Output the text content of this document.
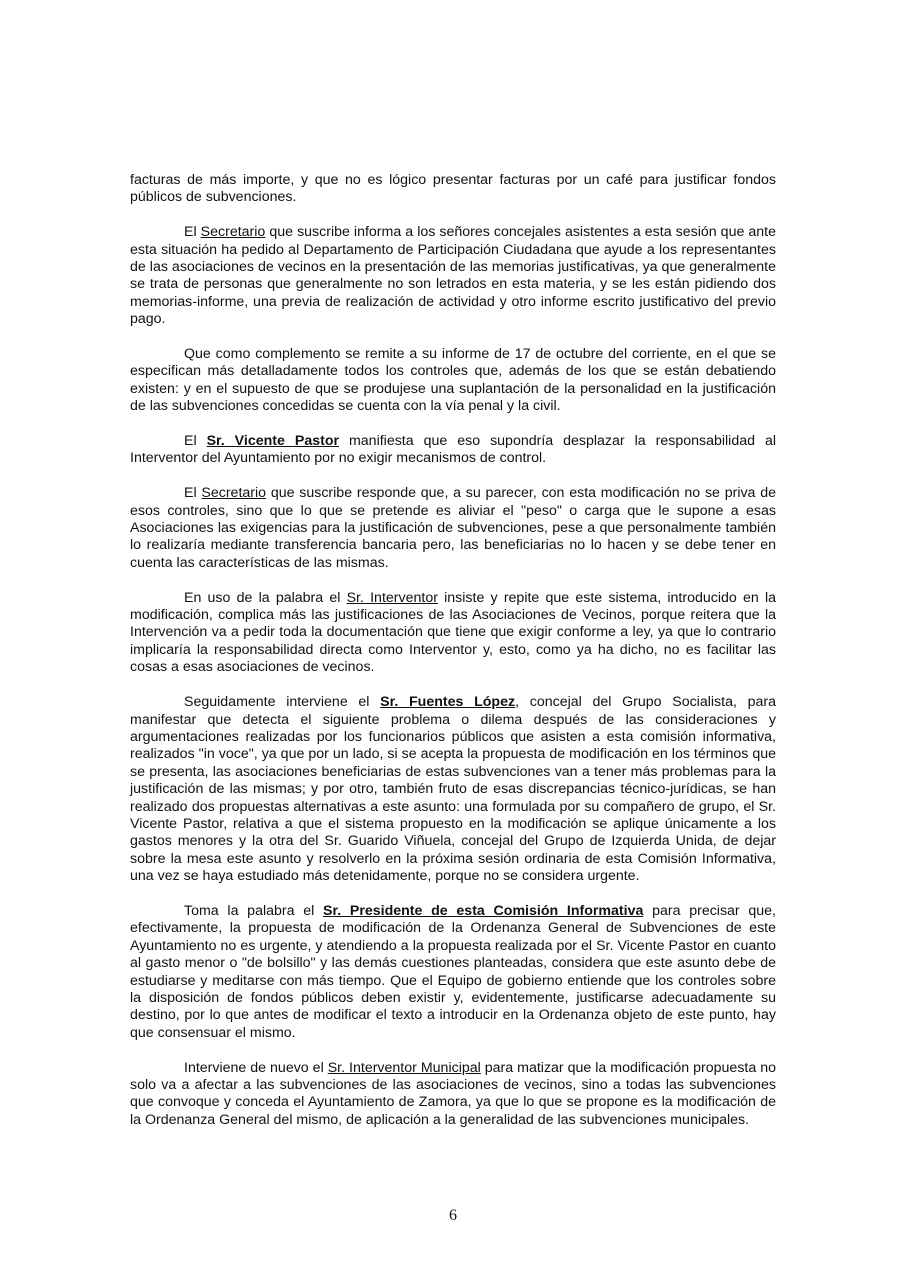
facturas de más importe, y que no es lógico presentar facturas por un café para justificar fondos públicos de subvenciones.

El Secretario que suscribe informa a los señores concejales asistentes a esta sesión que ante esta situación ha pedido al Departamento de Participación Ciudadana que ayude a los representantes de las asociaciones de vecinos en la presentación de las memorias justificativas, ya que generalmente se trata de personas que generalmente no son letrados en esta materia, y se les están pidiendo dos memorias-informe, una previa de realización de actividad y otro informe escrito justificativo del previo pago.

Que como complemento se remite a su informe de 17 de octubre del corriente, en el que se especifican más detalladamente todos los controles que, además de los que se están debatiendo existen: y en el supuesto de que se produjese una suplantación de la personalidad en la justificación de las subvenciones concedidas se cuenta con la vía penal y la civil.

El Sr. Vicente Pastor manifiesta que eso supondría desplazar la responsabilidad al Interventor del Ayuntamiento por no exigir mecanismos de control.

El Secretario que suscribe responde que, a su parecer, con esta modificación no se priva de esos controles, sino que lo que se pretende es aliviar el "peso" o carga que le supone a esas Asociaciones las exigencias para la justificación de subvenciones, pese a que personalmente también lo realizaría mediante transferencia bancaria pero, las beneficiarias no lo hacen y se debe tener en cuenta las características de las mismas.

En uso de la palabra el Sr. Interventor insiste y repite que este sistema, introducido en la modificación, complica más las justificaciones de las Asociaciones de Vecinos, porque reitera que la Intervención va a pedir toda la documentación que tiene que exigir conforme a ley, ya que lo contrario implicaría la responsabilidad directa como Interventor y, esto, como ya ha dicho, no es facilitar las cosas a esas asociaciones de vecinos.

Seguidamente interviene el Sr. Fuentes López, concejal del Grupo Socialista, para manifestar que detecta el siguiente problema o dilema después de las consideraciones y argumentaciones realizadas por los funcionarios públicos que asisten a esta comisión informativa, realizados "in voce", ya que por un lado, si se acepta la propuesta de modificación en los términos que se presenta, las asociaciones beneficiarias de estas subvenciones van a tener más problemas para la justificación de las mismas; y por otro, también fruto de esas discrepancias técnico-jurídicas, se han realizado dos propuestas alternativas a este asunto: una formulada por su compañero de grupo, el Sr. Vicente Pastor, relativa a que el sistema propuesto en la modificación se aplique únicamente a los gastos menores y la otra del Sr. Guarido Viñuela, concejal del Grupo de Izquierda Unida, de dejar sobre la mesa este asunto y resolverlo en la próxima sesión ordinaria de esta Comisión Informativa, una vez se haya estudiado más detenidamente, porque no se considera urgente.

Toma la palabra el Sr. Presidente de esta Comisión Informativa para precisar que, efectivamente, la propuesta de modificación de la Ordenanza General de Subvenciones de este Ayuntamiento no es urgente, y atendiendo a la propuesta realizada por el Sr. Vicente Pastor en cuanto al gasto menor o "de bolsillo" y las demás cuestiones planteadas, considera que este asunto debe de estudiarse y meditarse con más tiempo. Que el Equipo de gobierno entiende que los controles sobre la disposición de fondos públicos deben existir y, evidentemente, justificarse adecuadamente su destino, por lo que antes de modificar el texto a introducir en la Ordenanza objeto de este punto, hay que consensuar el mismo.

Interviene de nuevo el Sr. Interventor Municipal para matizar que la modificación propuesta no solo va a afectar a las subvenciones de las asociaciones de vecinos, sino a todas las subvenciones que convoque y conceda el Ayuntamiento de Zamora, ya que lo que se propone es la modificación de la Ordenanza General del mismo, de aplicación a la generalidad de las subvenciones municipales.

6
